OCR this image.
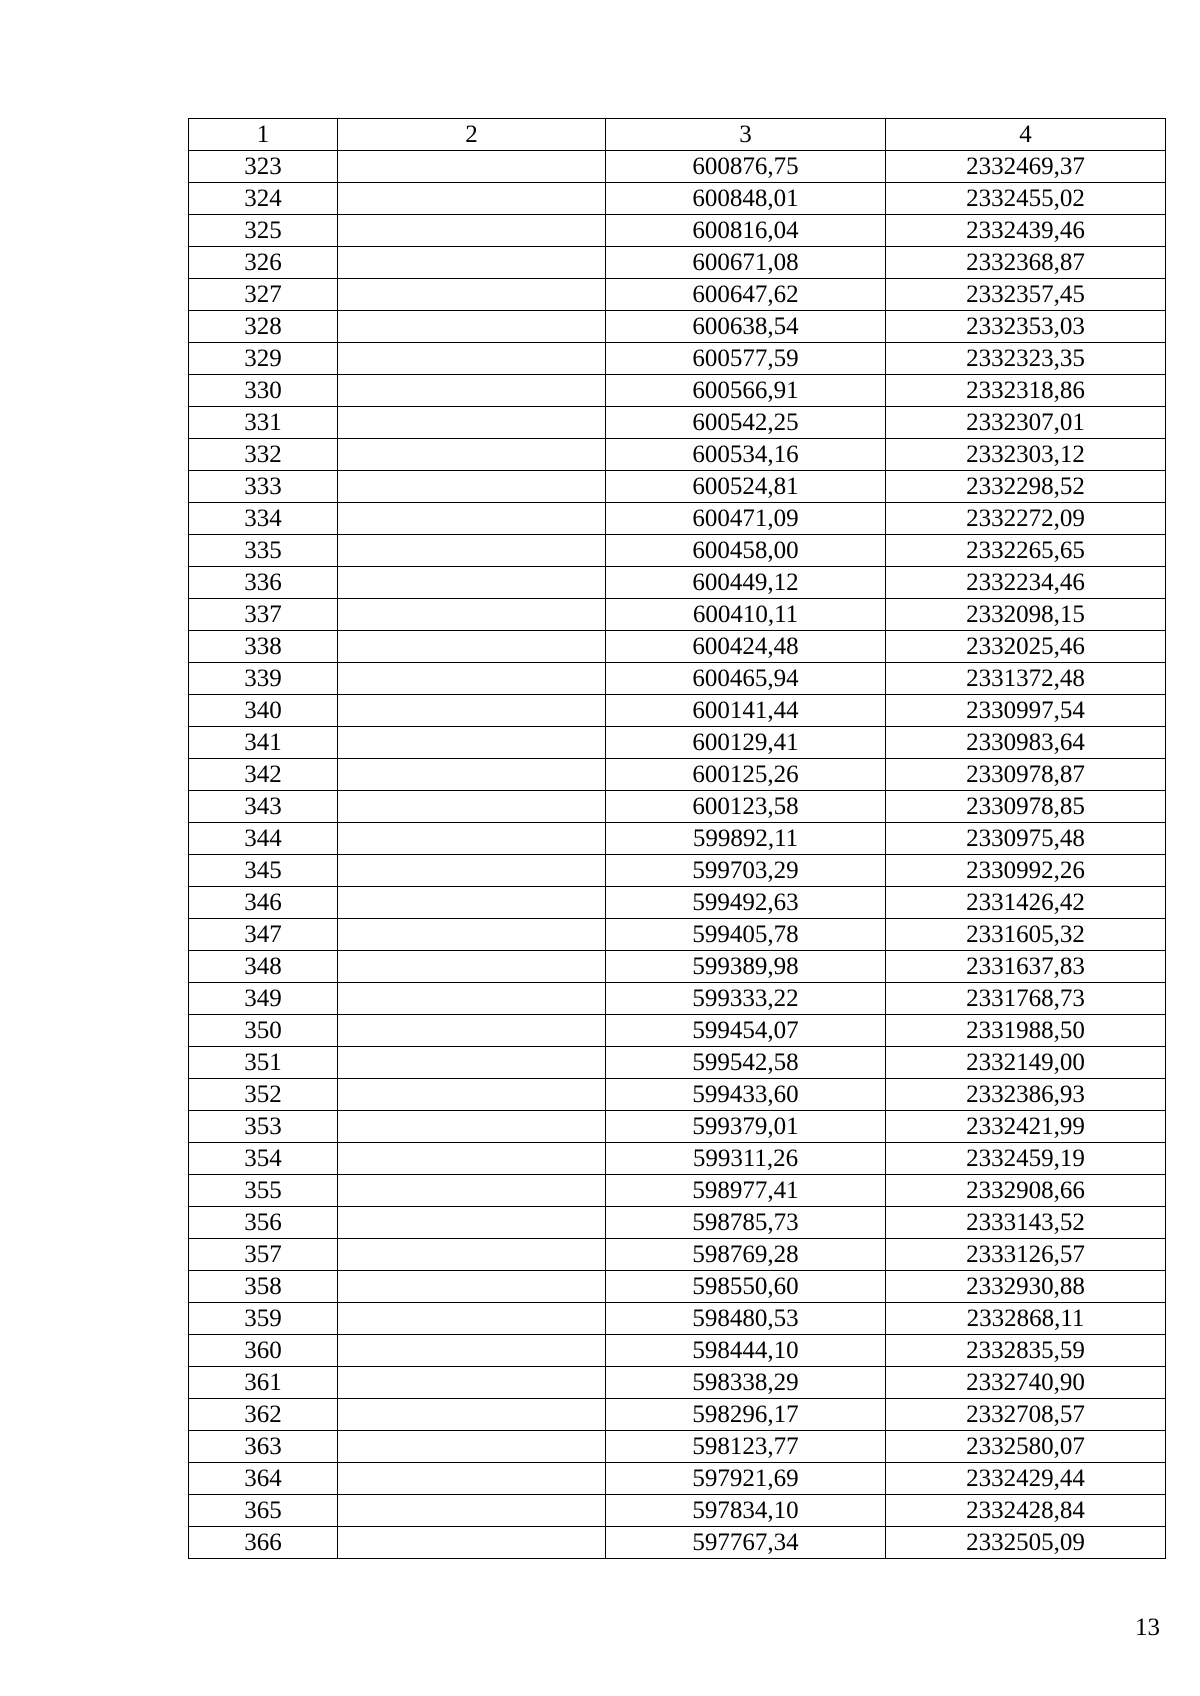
1	2	3	4
323		600876,75	2332469,37
324		600848,01	2332455,02
325		600816,04	2332439,46
326		600671,08	2332368,87
327		600647,62	2332357,45
328		600638,54	2332353,03
329		600577,59	2332323,35
330		600566,91	2332318,86
331		600542,25	2332307,01
332		600534,16	2332303,12
333		600524,81	2332298,52
334		600471,09	2332272,09
335		600458,00	2332265,65
336		600449,12	2332234,46
337		600410,11	2332098,15
338		600424,48	2332025,46
339		600465,94	2331372,48
340		600141,44	2330997,54
341		600129,41	2330983,64
342		600125,26	2330978,87
343		600123,58	2330978,85
344		599892,11	2330975,48
345		599703,29	2330992,26
346		599492,63	2331426,42
347		599405,78	2331605,32
348		599389,98	2331637,83
349		599333,22	2331768,73
350		599454,07	2331988,50
351		599542,58	2332149,00
352		599433,60	2332386,93
353		599379,01	2332421,99
354		599311,26	2332459,19
355		598977,41	2332908,66
356		598785,73	2333143,52
357		598769,28	2333126,57
358		598550,60	2332930,88
359		598480,53	2332868,11
360		598444,10	2332835,59
361		598338,29	2332740,90
362		598296,17	2332708,57
363		598123,77	2332580,07
364		597921,69	2332429,44
365		597834,10	2332428,84
366		597767,34	2332505,09
13
